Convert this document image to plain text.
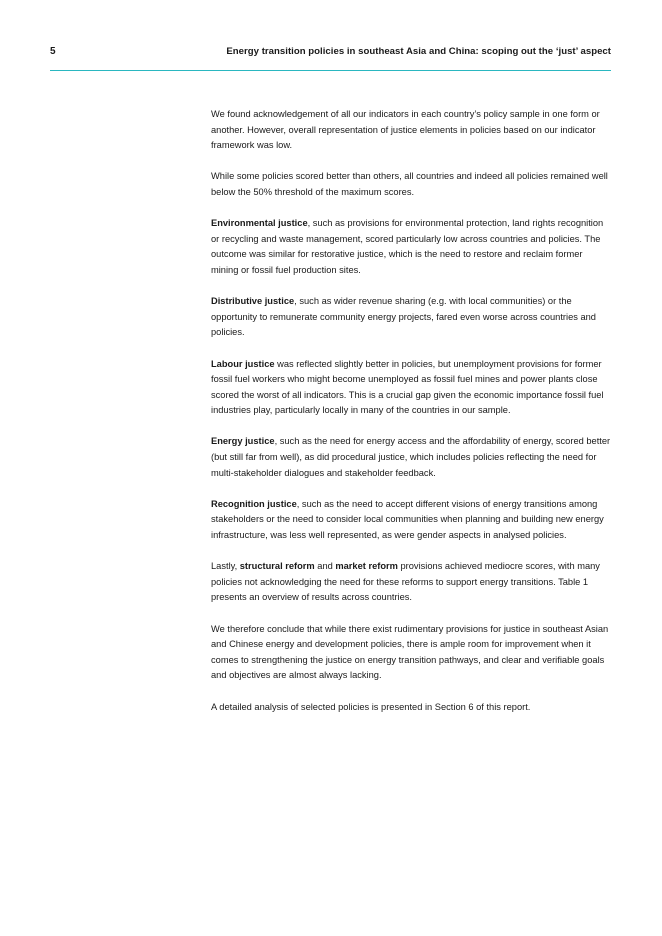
5	Energy transition policies in southeast Asia and China: scoping out the ‘just’ aspect

We found acknowledgement of all our indicators in each country’s policy sample in one form or another. However, overall representation of justice elements in policies based on our indicator framework was low.

While some policies scored better than others, all countries and indeed all policies remained well below the 50% threshold of the maximum scores.

Environmental justice, such as provisions for environmental protection, land rights recognition or recycling and waste management, scored particularly low across countries and policies. The outcome was similar for restorative justice, which is the need to restore and reclaim former mining or fossil fuel production sites.

Distributive justice, such as wider revenue sharing (e.g. with local communities) or the opportunity to remunerate community energy projects, fared even worse across countries and policies.

Labour justice was reflected slightly better in policies, but unemployment provisions for former fossil fuel workers who might become unemployed as fossil fuel mines and power plants close scored the worst of all indicators. This is a crucial gap given the economic importance fossil fuel industries play, particularly locally in many of the countries in our sample.

Energy justice, such as the need for energy access and the affordability of energy, scored better (but still far from well), as did procedural justice, which includes policies reflecting the need for multi-stakeholder dialogues and stakeholder feedback.

Recognition justice, such as the need to accept different visions of energy transitions among stakeholders or the need to consider local communities when planning and building new energy infrastructure, was less well represented, as were gender aspects in analysed policies.

Lastly, structural reform and market reform provisions achieved mediocre scores, with many policies not acknowledging the need for these reforms to support energy transitions. Table 1 presents an overview of results across countries.

We therefore conclude that while there exist rudimentary provisions for justice in southeast Asian and Chinese energy and development policies, there is ample room for improvement when it comes to strengthening the justice on energy transition pathways, and clear and verifiable goals and objectives are almost always lacking.

A detailed analysis of selected policies is presented in Section 6 of this report.
